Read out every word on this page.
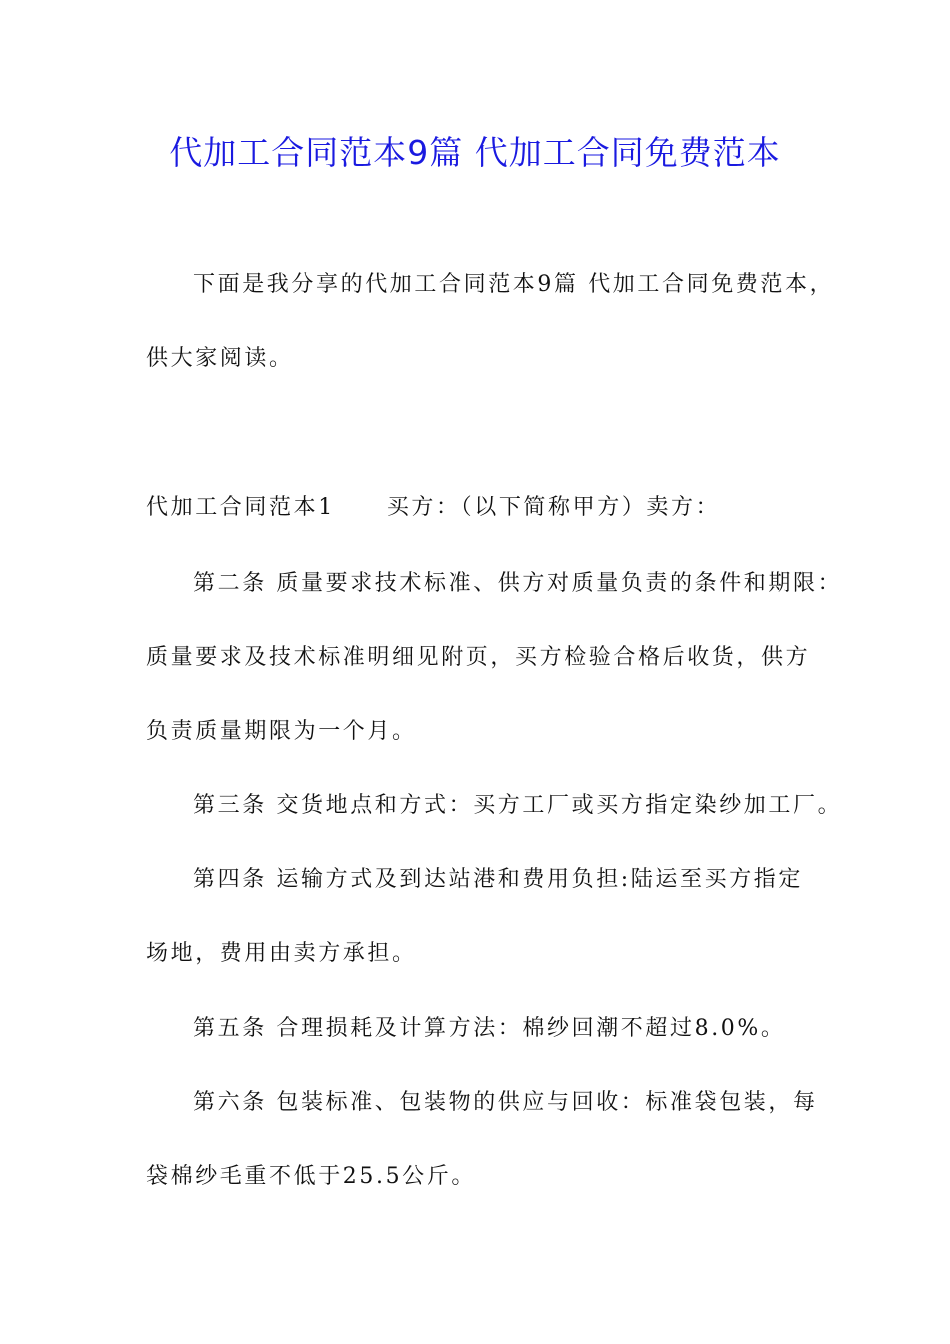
代加工合同范本9篇 代加工合同免费范本
下面是我分享的代加工合同范本9篇 代加工合同免费范本，
供大家阅读。
代加工合同范本1 买方：（以下简称甲方）卖方：
第二条 质量要求技术标准、供方对质量负责的条件和期限：
质量要求及技术标准明细见附页，买方检验合格后收货，供方
负责质量期限为一个月。
第三条 交货地点和方式：买方工厂或买方指定染纱加工厂。
第四条 运输方式及到达站港和费用负担:陆运至买方指定
场地，费用由卖方承担。
第五条 合理损耗及计算方法：棉纱回潮不超过8.0%。
第六条 包装标准、包装物的供应与回收：标准袋包装，每
袋棉纱毛重不低于25.5公斤。
